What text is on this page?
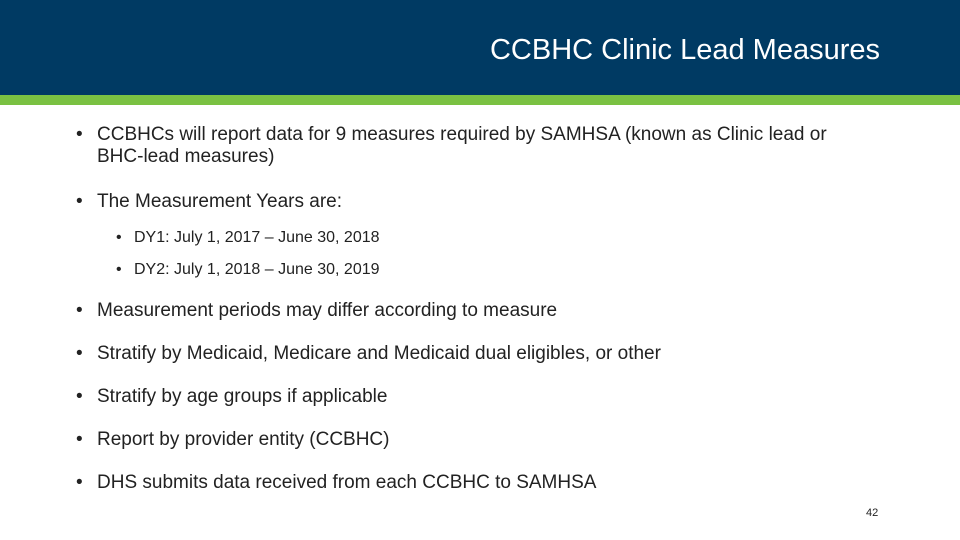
CCBHC Clinic Lead Measures
• CCBHCs will report data for 9 measures required by SAMHSA (known as Clinic lead or BHC-lead measures)
• The Measurement Years are:
• DY1: July 1, 2017 – June 30, 2018
• DY2: July 1, 2018 – June 30, 2019
• Measurement periods may differ according to measure
• Stratify by Medicaid, Medicare and Medicaid dual eligibles, or other
• Stratify by age groups if applicable
• Report by provider entity (CCBHC)
• DHS submits data received from each CCBHC to SAMHSA
42
